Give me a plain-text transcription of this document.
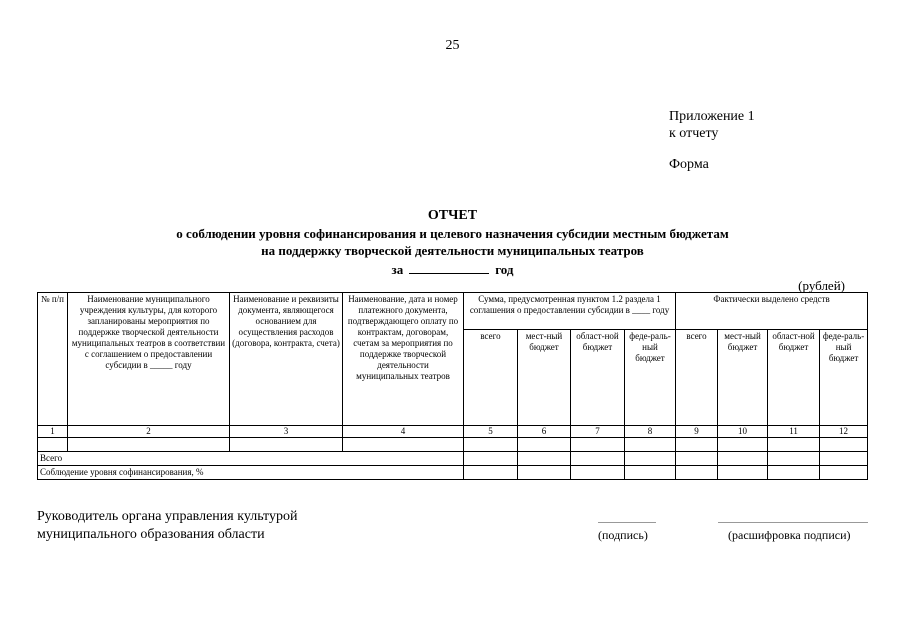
25
Приложение 1
к отчету
Форма
ОТЧЕТ
о соблюдении уровня софинансирования и целевого назначения субсидии местным бюджетам
на поддержку творческой деятельности муниципальных театров
за	год
(рублей)
№ п/п	Наименование муниципального учреждения культуры, для которого запланированы мероприятия по поддержке творческой деятельности муниципальных театров в соответствии с соглашением о предоставлении субсидии в _____ году	Наименование и реквизиты документа, являющегося основанием для осуществления расходов (договора, контракта, счета)	Наименование, дата и номер платежного документа, подтверждающего оплату по контрактам, договорам, счетам за мероприятия по поддержке творческой деятельности муниципальных театров	Сумма, предусмотренная пунктом 1.2 раздела 1 соглашения о предоставлении субсидии в ____ году				Фактически выделено средств			
				всего	мест-ный бюджет	област-ной бюджет	феде-раль-ный бюджет	всего	мест-ный бюджет	област-ной бюджет	феде-раль-ный бюджет
1	2	3	4	5	6	7	8	9	10	11	12

Всего											
Соблюдение уровня софинансирования, %											
Руководитель органа управления культурой
муниципального образования области	(подпись)	(расшифровка подписи)
